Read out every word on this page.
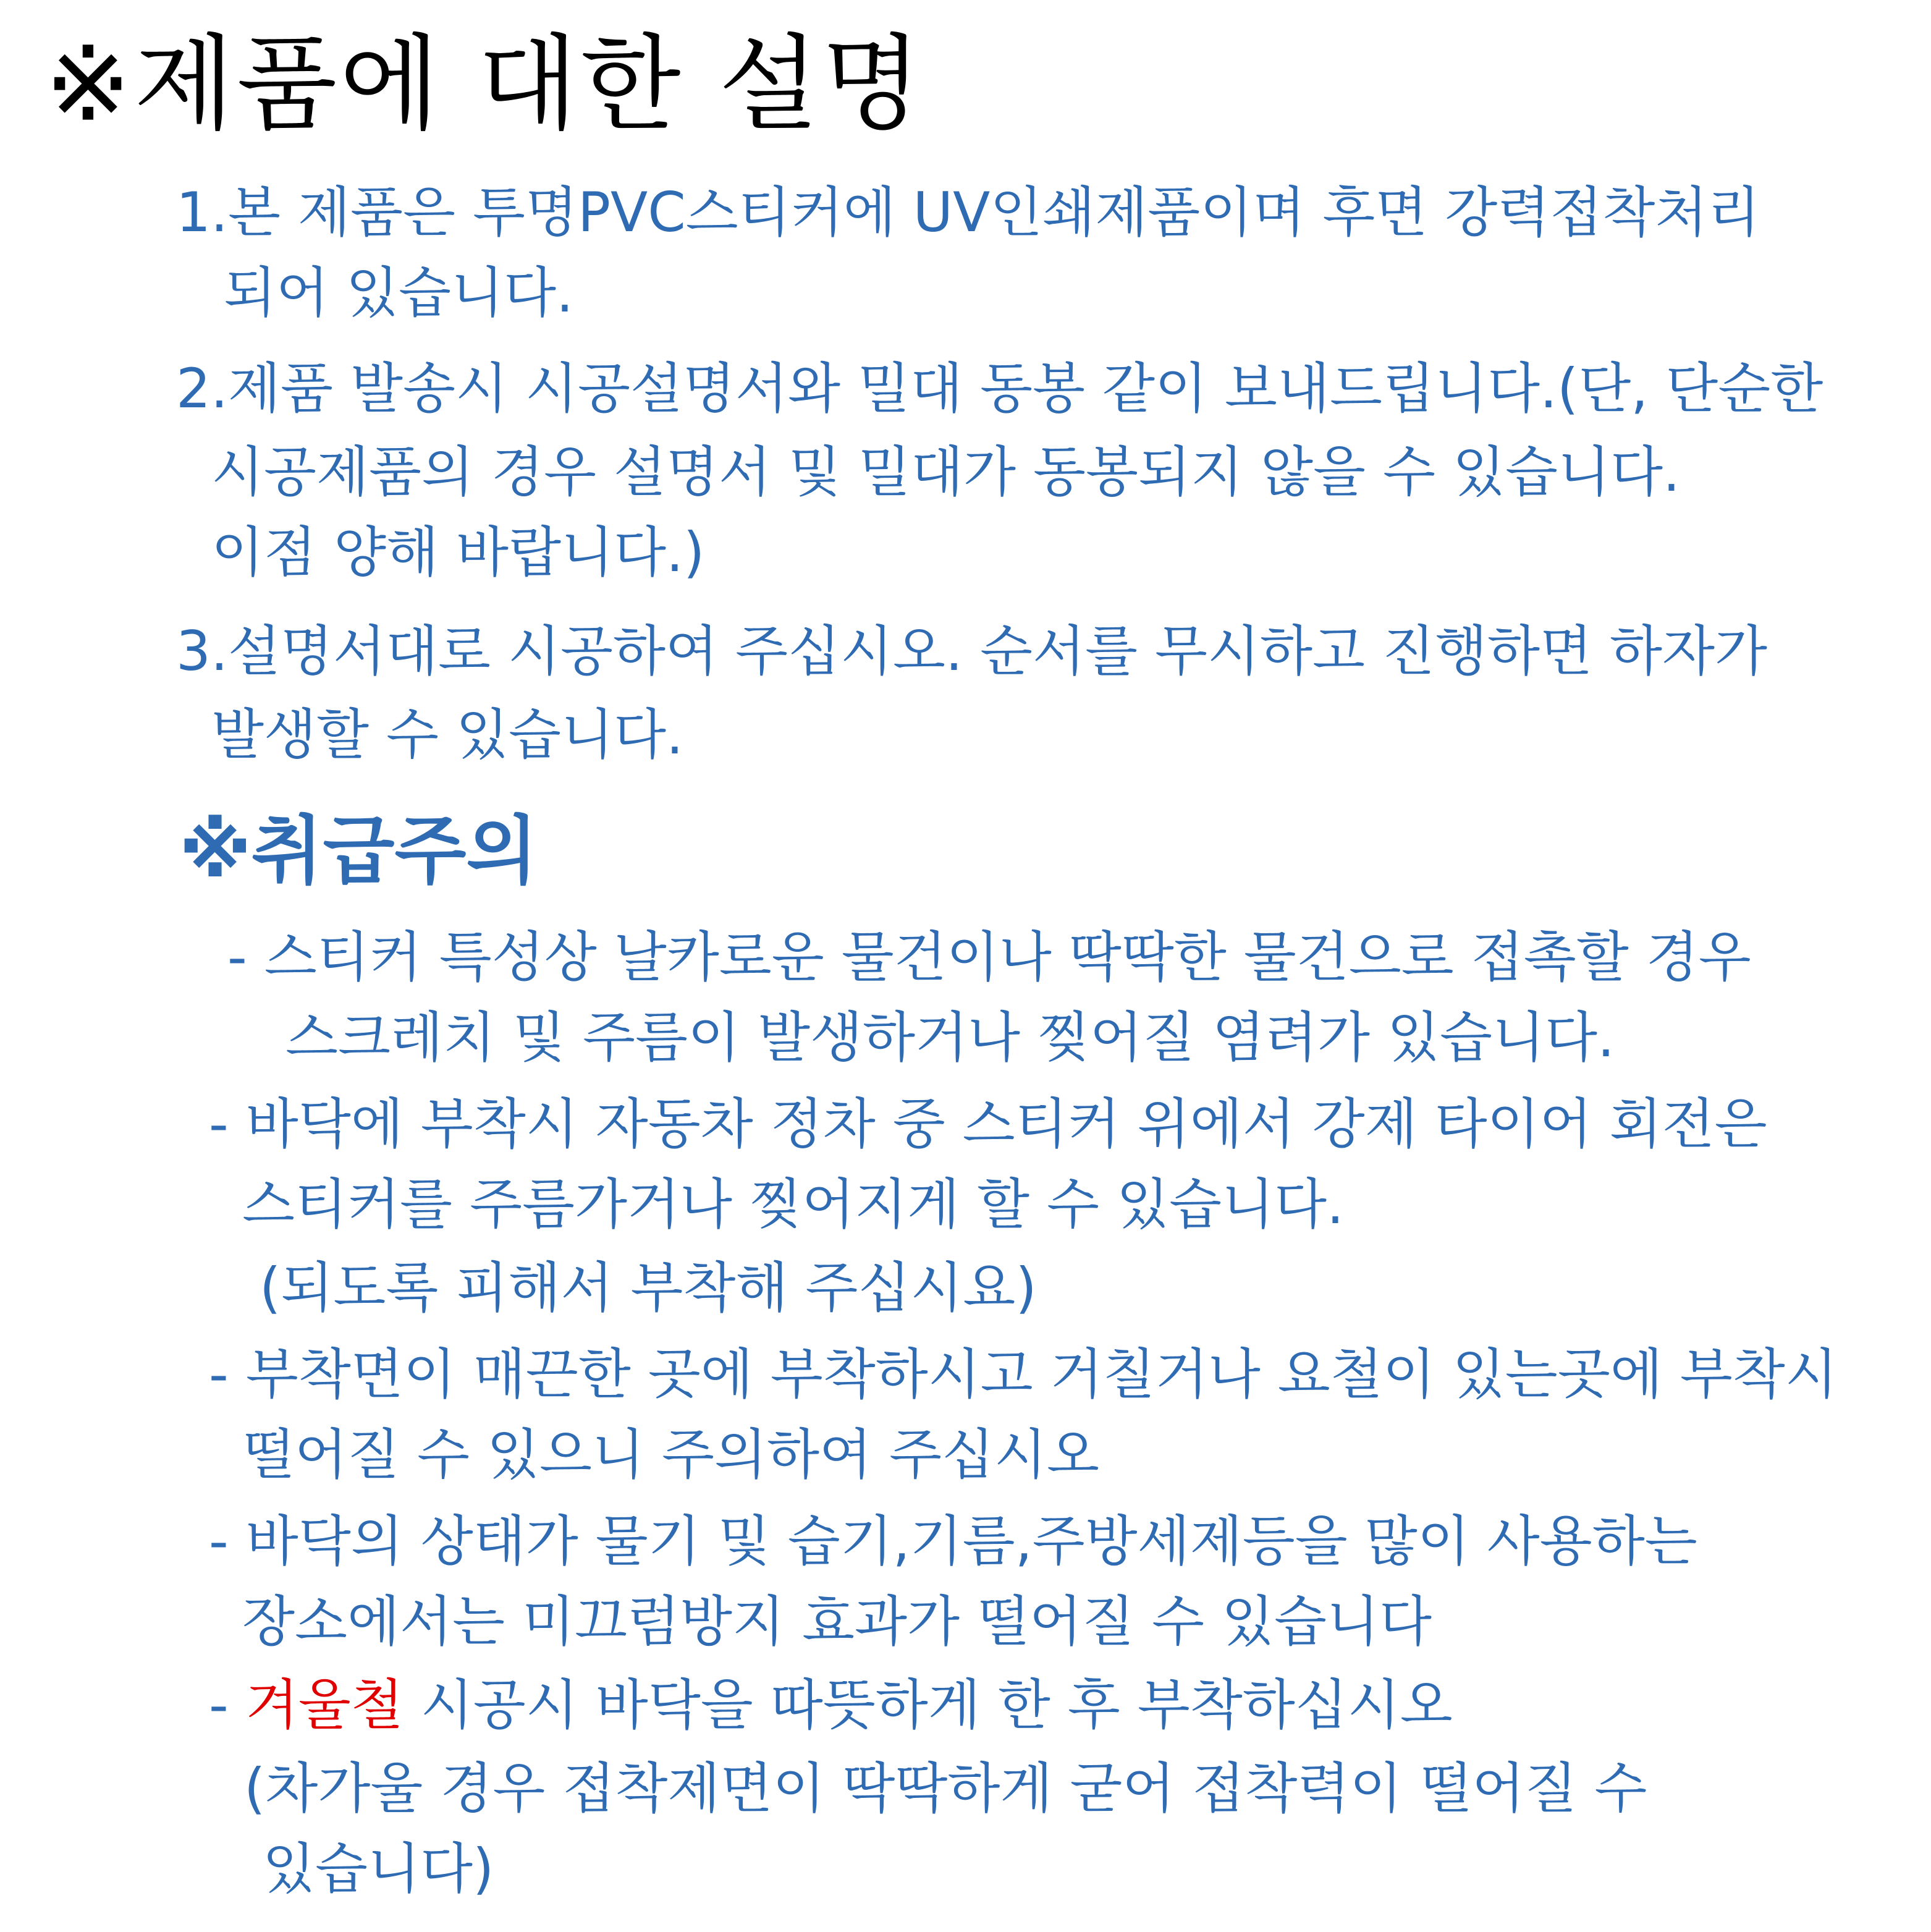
※제품에 대한 설명
1.본 제품은 투명PVC스티커에 UV인쇄제품이며 후면 강력접착처리
되어 있습니다.
2.제품 발송시 시공설명서와 밀대 동봉 같이 보내드립니다.(단, 단순한
시공제품의 경우 설명서 및 밀대가 동봉되지 않을 수 있습니다.
이점 양해 바랍니다.)
3.설명서대로 시공하여 주십시오. 순서를 무시하고 진행하면 하자가
발생할 수 있습니다.
※취급주의
- 스티커 특성상 날카로운 물건이나 딱딱한 물건으로 접촉할 경우
스크레치 및 주름이 발생하거나 찢어질 염려가 있습니다.
- 바닥에 부착시 자동차 정차 중 스티커 위에서 강제 타이어 회전은
스티커를 주름가거나 찢어지게 할 수 있습니다.
(되도록 피해서 부착해 주십시요)
- 부착면이 매끈한 곳에 부착하시고 거칠거나 요철이 있는곳에 부착시
떨어질 수 있으니 주의하여 주십시오
- 바닥의 상태가 물기 및 습기,기름,주방세제등을 많이 사용하는
장소에서는 미끄럼방지 효과가 떨어질 수 있습니다
- 겨울철 시공시 바닥을 따뜻하게 한 후 부착하십시오
(차가울 경우 접착제면이 딱딱하게 굳어 접착력이 떨어질 수
있습니다)
